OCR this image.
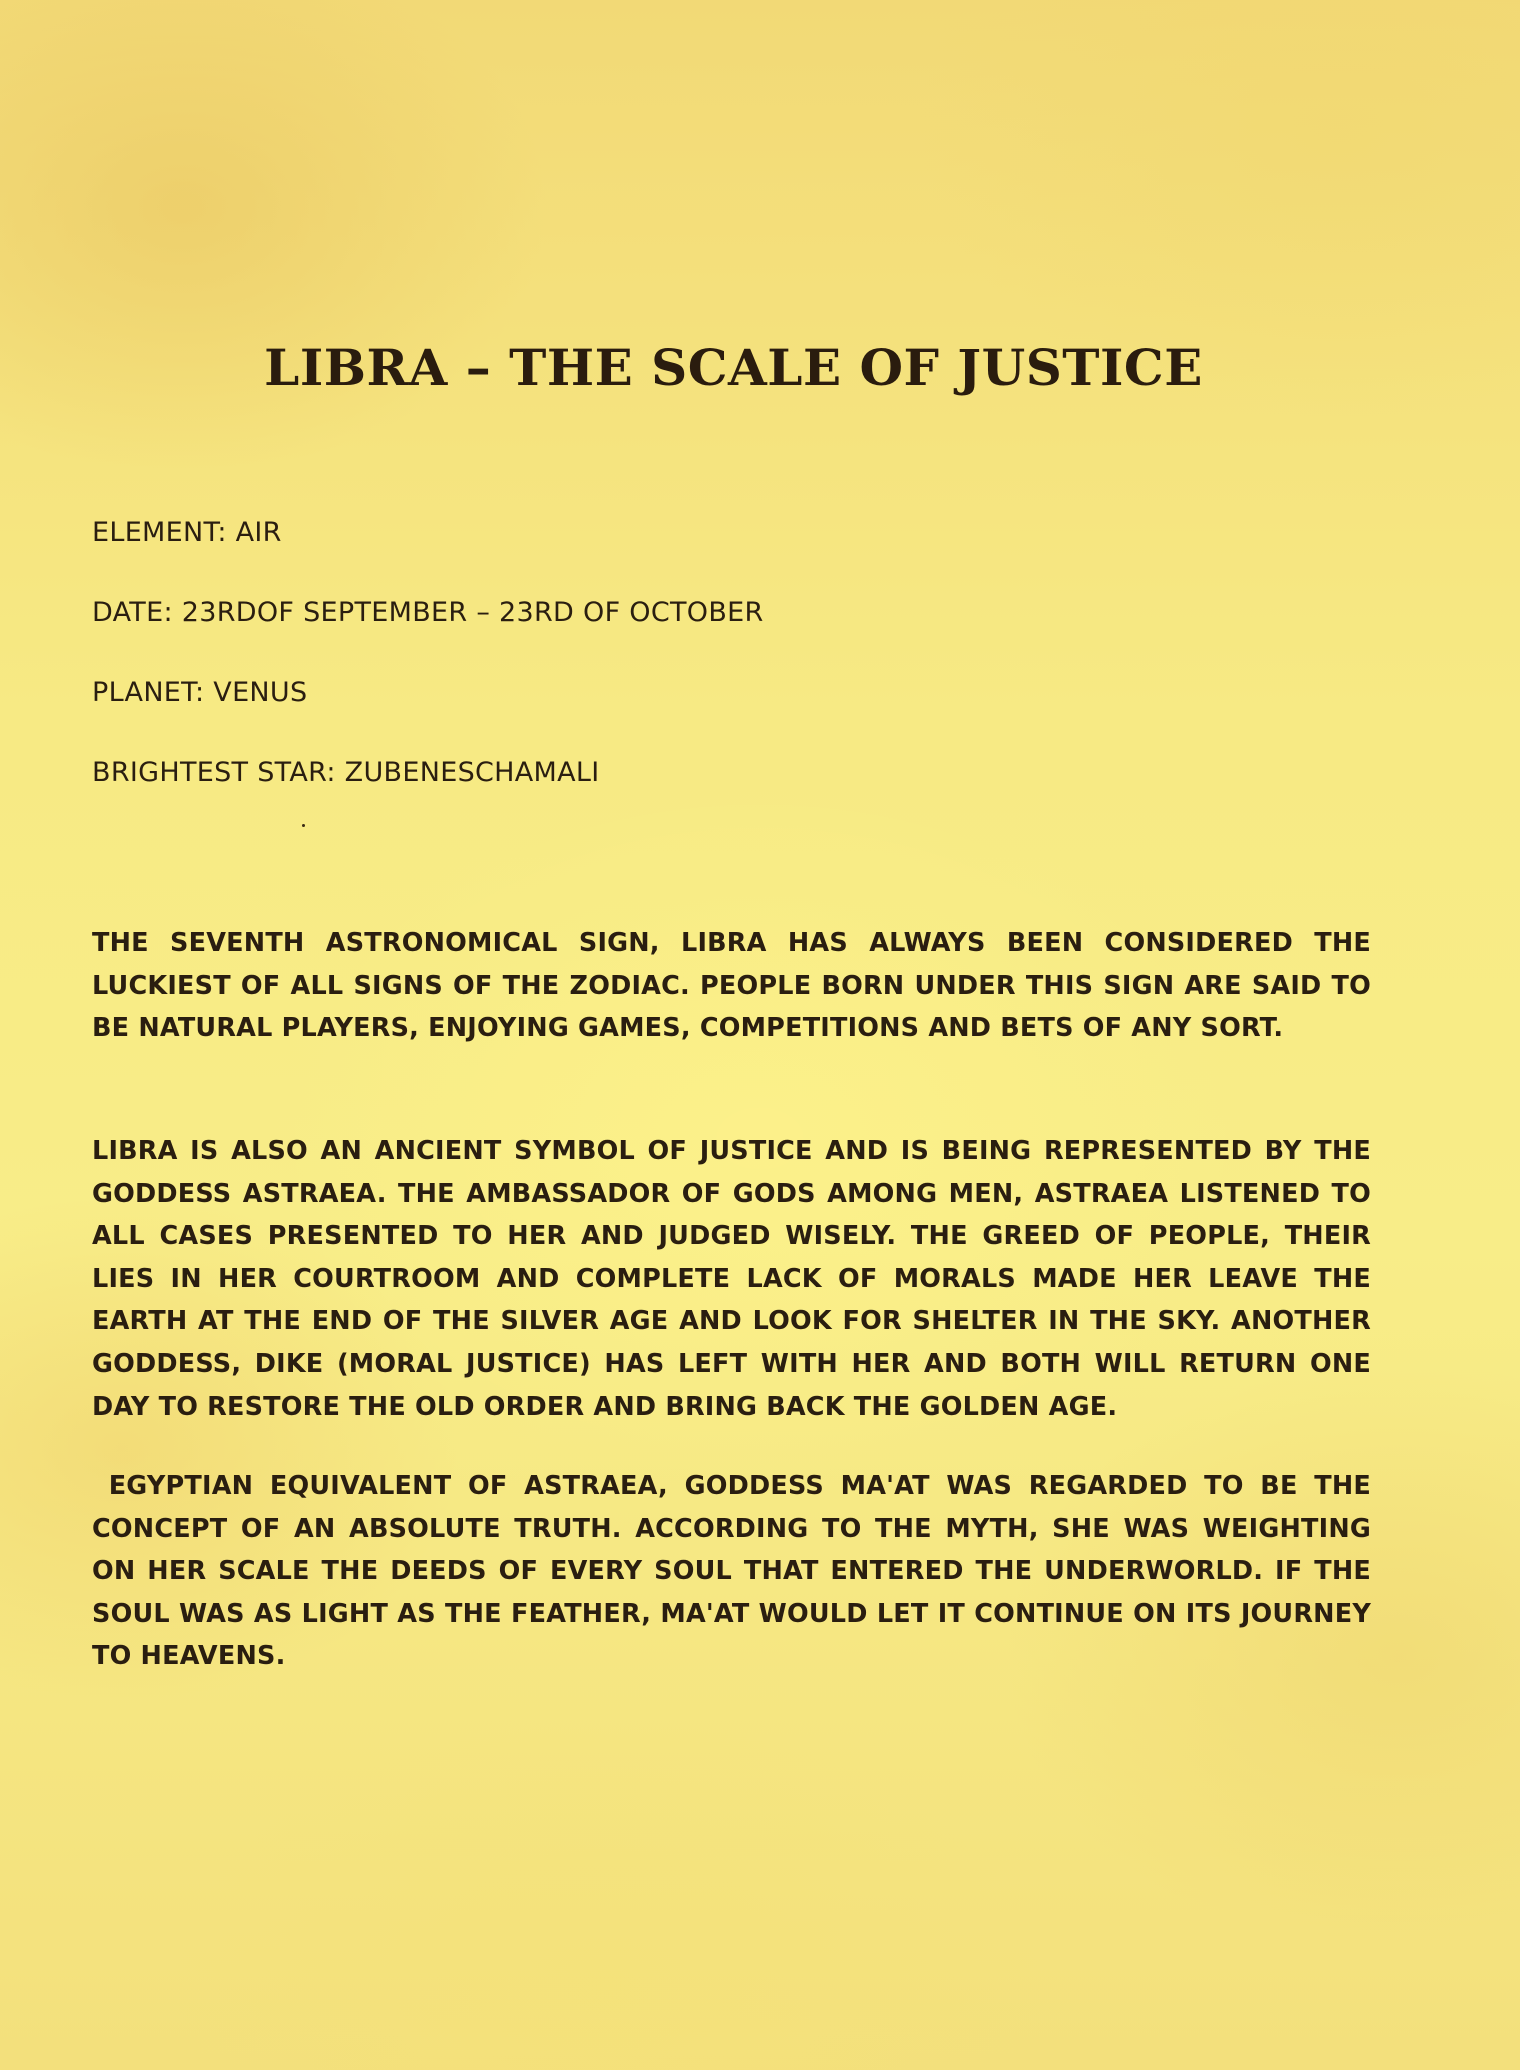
LIBRA – THE SCALE OF JUSTICE

ELEMENT: AIR

DATE: 23RDOF SEPTEMBER – 23RD OF OCTOBER

PLANET: VENUS

BRIGHTEST STAR: ZUBENESCHAMALI

THE SEVENTH ASTRONOMICAL SIGN, LIBRA HAS ALWAYS BEEN CONSIDERED THE LUCKIEST OF ALL SIGNS OF THE ZODIAC. PEOPLE BORN UNDER THIS SIGN ARE SAID TO BE NATURAL PLAYERS, ENJOYING GAMES, COMPETITIONS AND BETS OF ANY SORT.

LIBRA IS ALSO AN ANCIENT SYMBOL OF JUSTICE AND IS BEING REPRESENTED BY THE GODDESS ASTRAEA. THE AMBASSADOR OF GODS AMONG MEN, ASTRAEA LISTENED TO ALL CASES PRESENTED TO HER AND JUDGED WISELY. THE GREED OF PEOPLE, THEIR LIES IN HER COURTROOM AND COMPLETE LACK OF MORALS MADE HER LEAVE THE EARTH AT THE END OF THE SILVER AGE AND LOOK FOR SHELTER IN THE SKY. ANOTHER GODDESS, DIKE (MORAL JUSTICE) HAS LEFT WITH HER AND BOTH WILL RETURN ONE DAY TO RESTORE THE OLD ORDER AND BRING BACK THE GOLDEN AGE.

EGYPTIAN EQUIVALENT OF ASTRAEA, GODDESS MA'AT WAS REGARDED TO BE THE CONCEPT OF AN ABSOLUTE TRUTH. ACCORDING TO THE MYTH, SHE WAS WEIGHTING ON HER SCALE THE DEEDS OF EVERY SOUL THAT ENTERED THE UNDERWORLD. IF THE SOUL WAS AS LIGHT AS THE FEATHER, MA'AT WOULD LET IT CONTINUE ON ITS JOURNEY TO HEAVENS.
